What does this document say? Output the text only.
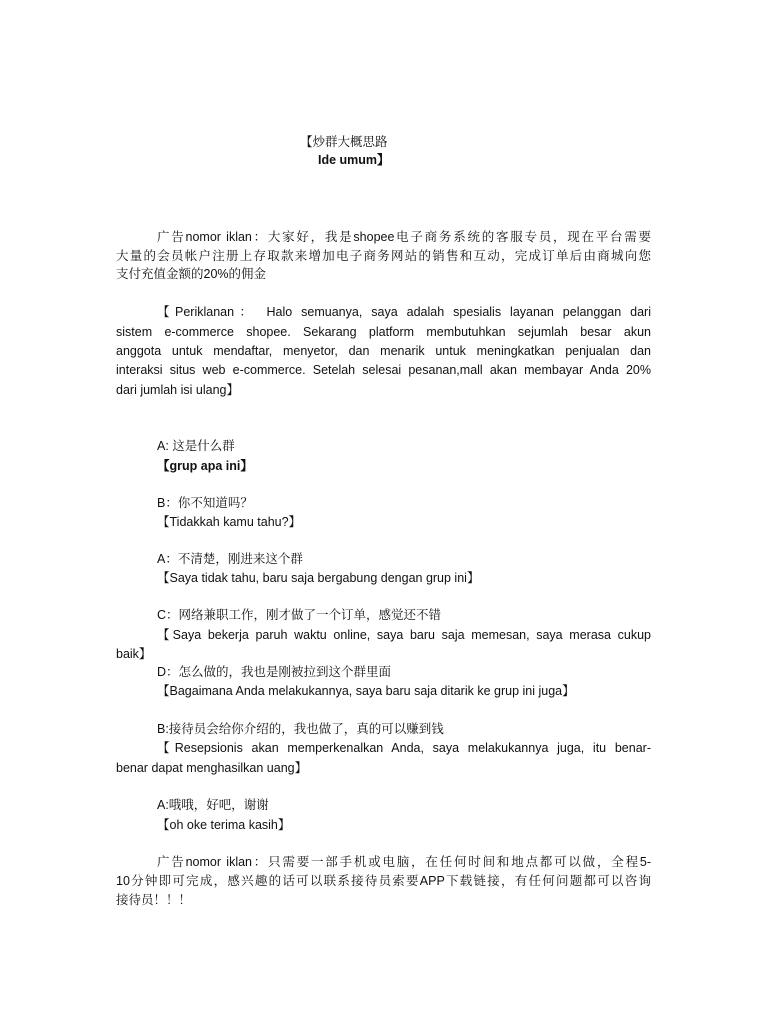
【炒群大概思路
Ide umum】
广告nomor iklan：大家好，我是shopee电子商务系统的客服专员，现在平台需要
大量的会员帐户注册上存取款来增加电子商务网站的销售和互动，完成订单后由商城向您
支付充值金额的20%的佣金
【Periklanan： Halo semuanya, saya adalah spesialis layanan pelanggan dari
sistem e-commerce shopee. Sekarang platform membutuhkan sejumlah besar akun
anggota untuk mendaftar, menyetor, dan menarik untuk meningkatkan penjualan dan
interaksi situs web e-commerce. Setelah selesai pesanan,mall akan membayar Anda 20%
dari jumlah isi ulang】
A: 这是什么群
【grup apa ini】
B：你不知道吗？
【Tidakkah kamu tahu?】
A：不清楚，刚进来这个群
【Saya tidak tahu, baru saja bergabung dengan grup ini】
C：网络兼职工作，刚才做了一个订单，感觉还不错
【Saya bekerja paruh waktu online, saya baru saja memesan, saya merasa cukup
baik】
D：怎么做的，我也是刚被拉到这个群里面
【Bagaimana Anda melakukannya, saya baru saja ditarik ke grup ini juga】
B:接待员会给你介绍的，我也做了，真的可以赚到钱
【Resepsionis akan memperkenalkan Anda, saya melakukannya juga, itu benar-
benar dapat menghasilkan uang】
A:哦哦，好吧，谢谢
【oh oke terima kasih】
广告nomor iklan：只需要一部手机或电脑，在任何时间和地点都可以做，全程5-
10分钟即可完成，感兴趣的话可以联系接待员索要APP下载链接，有任何问题都可以咨询
接待员！！！
